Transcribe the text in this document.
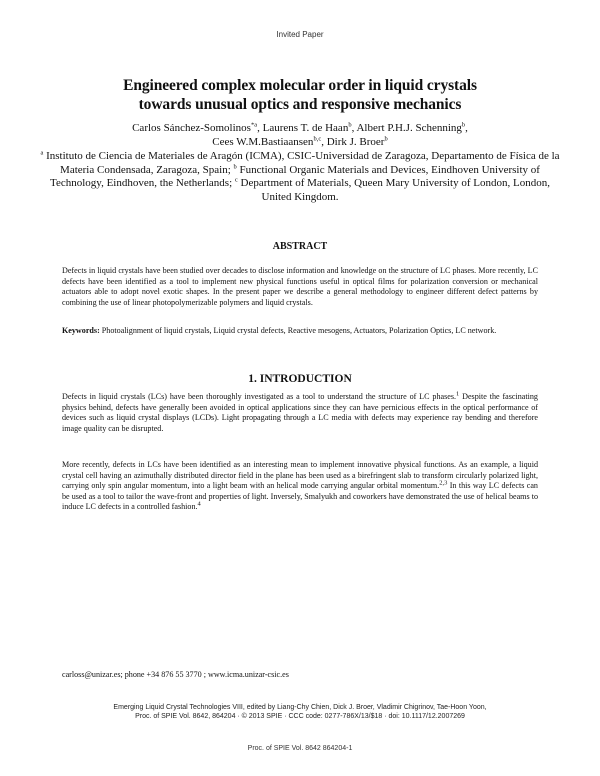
Invited Paper
Engineered complex molecular order in liquid crystals
towards unusual optics and responsive mechanics
Carlos Sánchez-Somolinos$^{*a}$, Laurens T. de Haan$^b$, Albert P.H.J. Schenning$^b$,
Cees W.M.Bastiaansen$^{b,c}$, Dirk J. Broer$^b$
$^a$ Instituto de Ciencia de Materiales de Aragón (ICMA), CSIC-Universidad de Zaragoza, Departamento de Física de la Materia Condensada, Zaragoza, Spain; $^b$ Functional Organic Materials and Devices, Eindhoven University of Technology, Eindhoven, the Netherlands; $^c$ Department of Materials, Queen Mary University of London, London, United Kingdom.
ABSTRACT
Defects in liquid crystals have been studied over decades to disclose information and knowledge on the structure of LC phases. More recently, LC defects have been identified as a tool to implement new physical functions useful in optical films for polarization conversion or mechanical actuators able to adopt novel exotic shapes. In the present paper we describe a general methodology to engineer different defect patterns by combining the use of linear photopolymerizable polymers and liquid crystals.
Keywords: Photoalignment of liquid crystals, Liquid crystal defects, Reactive mesogens, Actuators, Polarization Optics, LC network.
1. INTRODUCTION
Defects in liquid crystals (LCs) have been thoroughly investigated as a tool to understand the structure of LC phases.$^1$ Despite the fascinating physics behind, defects have generally been avoided in optical applications since they can have pernicious effects in the optical performance of devices such as liquid crystal displays (LCDs). Light propagating through a LC media with defects may experience ray bending and therefore image quality can be disrupted.
More recently, defects in LCs have been identified as an interesting mean to implement innovative physical functions. As an example, a liquid crystal cell having an azimuthally distributed director field in the plane has been used as a birefringent slab to transform circularly polarized light, carrying only spin angular momentum, into a light beam with an helical mode carrying angular orbital momentum.$^{2,3}$ In this way LC defects can be used as a tool to tailor the wave-front and properties of light. Inversely, Smalyukh and coworkers have demonstrated the use of helical beams to induce LC defects in a controlled fashion.$^4$
carloss@unizar.es; phone +34 876 55 3770 ; www.icma.unizar-csic.es
Emerging Liquid Crystal Technologies VIII, edited by Liang-Chy Chien, Dick J. Broer, Vladimir Chigrinov, Tae-Hoon Yoon,
Proc. of SPIE Vol. 8642, 864204 · © 2013 SPIE · CCC code: 0277-786X/13/$18 · doi: 10.1117/12.2007269
Proc. of SPIE Vol. 8642 864204-1
